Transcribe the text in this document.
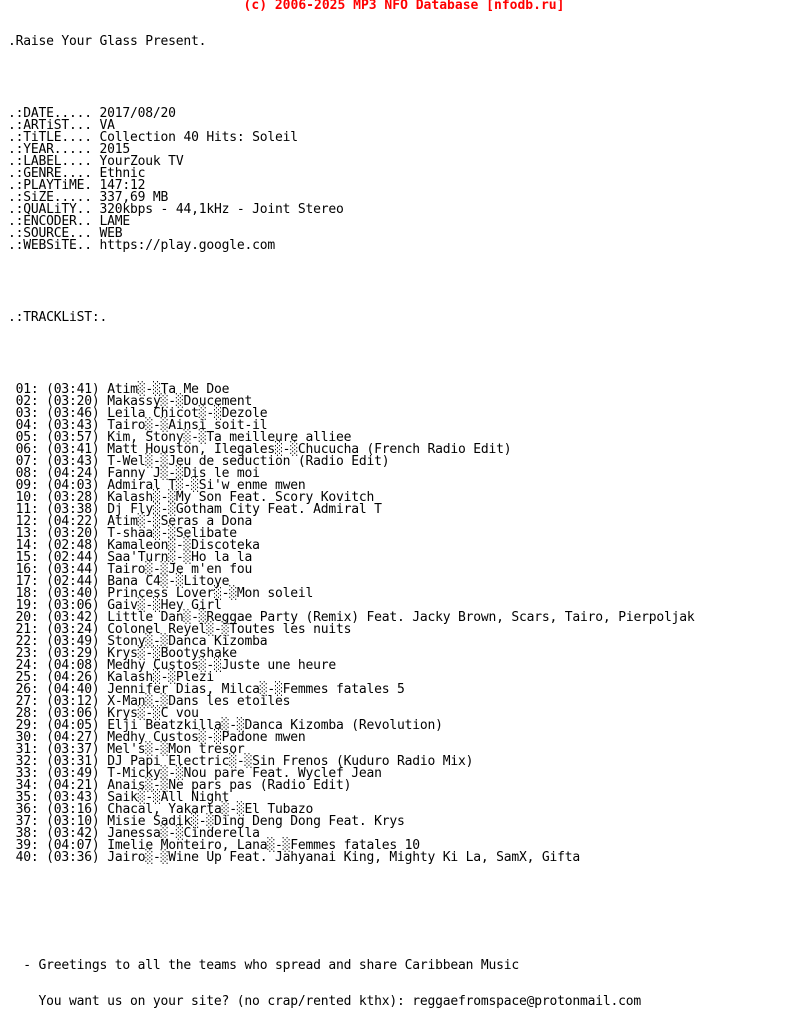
(c) 2006-2025 MP3 NFO Database [nfodb.ru]

.Raise Your Glass Present.

.:DATE..... 2017/08/20
.:ARTiST... VA
.:TiTLE.... Collection 40 Hits: Soleil
.:YEAR..... 2015
.:LABEL.... YourZouk TV
.:GENRE.... Ethnic
.:PLAYTiME. 147:12
.:SiZE..... 337,69 MB
.:QUALiTY.. 320kbps - 44,1kHz - Joint Stereo
.:ENCODER.. LAME
.:SOURCE... WEB
.:WEBSiTE.. https://play.google.com

.:TRACKLiST:.

01: (03:41) Atim░-░Ta Me Doe
02: (03:20) Makassy░-░Doucement
03: (03:46) Leila Chicot░-░Dezole
04: (03:43) Tairo░-░Ainsi soit-il
05: (03:57) Kim, Stony░-░Ta meilleure alliee
06: (03:41) Matt Houston, Ilegales░-░Chucucha (French Radio Edit)
07: (03:43) T-Wel░-░Jeu de seduction (Radio Edit)
08: (04:24) Fanny J░-░Dis le moi
09: (04:03) Admiral T░-░Si'w enme mwen
10: (03:28) Kalash░-░My Son Feat. Scory Kovitch
11: (03:38) Dj Fly░-░Gotham City Feat. Admiral T
12: (04:22) Atim░-░Seras a Dona
13: (03:20) T-shaa░-░Selibate
14: (02:48) Kamaleon░-░Discoteka
15: (02:44) Saa'Turn░-░Ho la la
16: (03:44) Tairo░-░Je m'en fou
17: (02:44) Bana C4░-░Litoye
18: (03:40) Princess Lover░-░Mon soleil
19: (03:06) Gaiv░-░Hey Girl
20: (03:42) Little Dan░-░Reggae Party (Remix) Feat. Jacky Brown, Scars, Tairo, Pierpoljak
21: (03:24) Colonel Reyel░-░Toutes les nuits
22: (03:49) Stony░-░Danca Kizomba
23: (03:29) Krys░-░Bootyshake
24: (04:08) Medhy Custos░-░Juste une heure
25: (04:26) Kalash░-░Plezi
26: (04:40) Jennifer Dias, Milca░-░Femmes fatales 5
27: (03:12) X-Man░-░Dans les etoiles
28: (03:06) Krys░-░C vou
29: (04:05) Elji Beatzkilla░-░Danca Kizomba (Revolution)
30: (04:27) Medhy Custos░-░Padone mwen
31: (03:37) Mel's░-░Mon tresor
32: (03:31) DJ Papi Electric░-░Sin Frenos (Kuduro Radio Mix)
33: (03:49) T-Micky░-░Nou pare Feat. Wyclef Jean
34: (04:21) Anais░-░Ne pars pas (Radio Edit)
35: (03:43) Saik░-░All Night
36: (03:16) Chacal, Yakarta░-░El Tubazo
37: (03:10) Misie Sadik░-░Ding Deng Dong Feat. Krys
38: (03:42) Janessa░-░Cinderella
39: (04:07) Imelie Monteiro, Lana░-░Femmes fatales 10
40: (03:36) Jairo░-░Wine Up Feat. Jahyanai King, Mighty Ki La, SamX, Gifta

- Greetings to all the teams who spread and share Caribbean Music

You want us on your site? (no crap/rented kthx): reggaefromspace@protonmail.com
